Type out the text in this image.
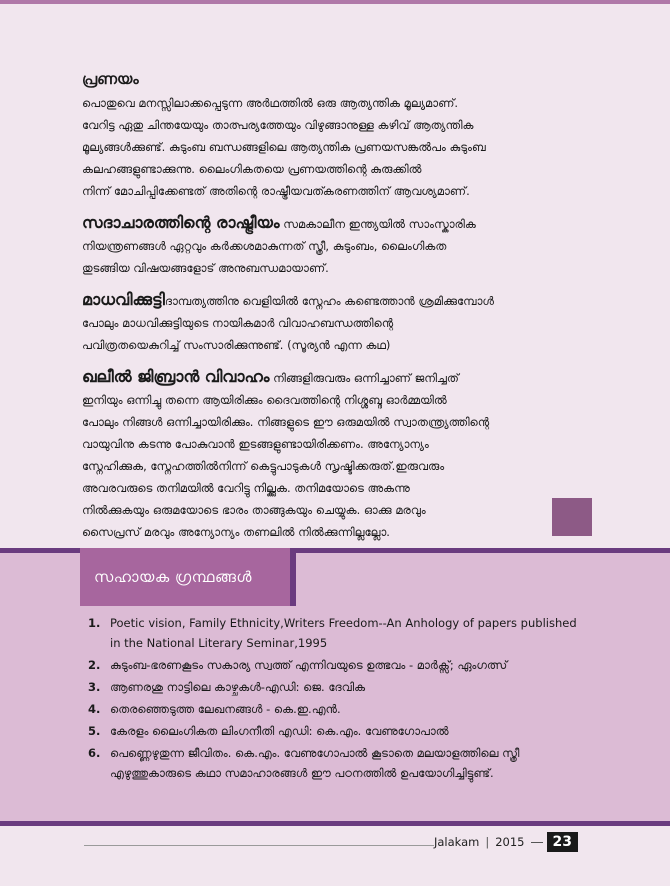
പ്രണയം

പൊതുവെ മനസ്സിലാക്കപ്പെടുന്ന അർഥത്തിൽ ഒരു ആത്യന്തിക മൂല്യമാണ്.

വേറിട്ട ഏതു ചിന്തയേയും താത്പര്യത്തേയും വിഴുങ്ങാനുള്ള കഴിവ് ആത്യന്തിക

മൂല്യങ്ങൾക്കുണ്ട്. കുടുംബ ബന്ധങ്ങളിലെ ആത്യന്തിക പ്രണയസങ്കൽപം കുടുംബ

കലഹങ്ങളുണ്ടാക്കുന്നു. ലൈംഗികതയെ പ്രണയത്തിന്റെ കുരുക്കിൽ

നിന്ന് മോചിപ്പിക്കേണ്ടത് അതിന്റെ രാഷ്ട്രീയവത്കരണത്തിന് ആവശ്യമാണ്.

സദാചാരത്തിന്റെ രാഷ്ട്രീയം സമകാലീന ഇന്ത്യയിൽ സാംസ്കാരിക

നിയന്ത്രണങ്ങൾ ഏറ്റവും കർക്കശമാകുന്നത് സ്ത്രീ, കുടുംബം, ലൈംഗികത

തുടങ്ങിയ വിഷയങ്ങളോട് അനുബന്ധമായാണ്.

മാധവിക്കുട്ടിദാമ്പത്യത്തിനു വെളിയിൽ സ്നേഹം കണ്ടെത്താൻ ശ്രമിക്കുമ്പോൾ

പോലും മാധവിക്കുട്ടിയുടെ നായികമാർ വിവാഹബന്ധത്തിന്റെ

പവിത്രതയെകുറിച്ച് സംസാരിക്കുന്നുണ്ട്. (സൂര്യൻ എന്ന കഥ)

ഖലീൽ ജിബ്രാൻ വിവാഹം നിങ്ങളിരുവരും ഒന്നിച്ചാണ് ജനിച്ചത്

ഇനിയും ഒന്നിച്ചു തന്നെ ആയിരിക്കും ദൈവത്തിന്റെ നിശ്ശബ്ദ ഓർമ്മയിൽ

പോലും നിങ്ങൾ ഒന്നിച്ചായിരിക്കും. നിങ്ങളുടെ ഈ ഒരുമയിൽ സ്വാതന്ത്ര്യത്തിന്റെ

വായുവിനു കടന്നു പോകുവാൻ ഇടങ്ങളുണ്ടായിരിക്കണം. അന്യോന്യം

സ്നേഹിക്കുക, സ്നേഹത്തിൽനിന്ന് കെട്ടുപാടുകൾ സൃഷ്ടിക്കരുത്.ഇരുവരും

അവരവരുടെ തനിമയിൽ വേറിട്ടു നില്ക്കുക. തനിമയോടെ അകന്നു

നിൽക്കുകയും ഒരുമയോടെ ഭാരം താങ്ങുകയും ചെയ്യുക. ഓക്കു മരവും

സൈപ്രസ് മരവും അന്യോന്യം തണലിൽ നിൽക്കുന്നില്ലല്ലോ.

സഹായക ഗ്രന്ഥങ്ങൾ
1. Poetic vision, Family Ethnicity,Writers Freedom--An Anhology of papers published in the National Literary Seminar,1995
2. കുടുംബ-ഭരണകൂടം സകാര്യ സ്വത്ത് എന്നിവയുടെ ഉത്ഭവം - മാർക്സ്; ഏംഗത്സ്
3. ആണരശു നാട്ടിലെ കാഴ്ചകൾ-എഡി: ജെ. ദേവിക
4. തെരഞ്ഞെടുത്ത ലേഖനങ്ങൾ - കെ.ഇ.എൻ.
5. കേരളം ലൈംഗികത ലിംഗനീതി എഡി: കെ.എം. വേണുഗോപാൽ
6. പെണ്ണെഴുതുന്ന ജീവിതം. കെ.എം. വേണുഗോപാൽ കൂടാതെ മലയാളത്തിലെ സ്ത്രീ എഴുത്തുകാരുടെ കഥാ സമാഹാരങ്ങൾ ഈ പഠനത്തിൽ ഉപയോഗിച്ചിട്ടുണ്ട്.
Jalakam | 2015	23
